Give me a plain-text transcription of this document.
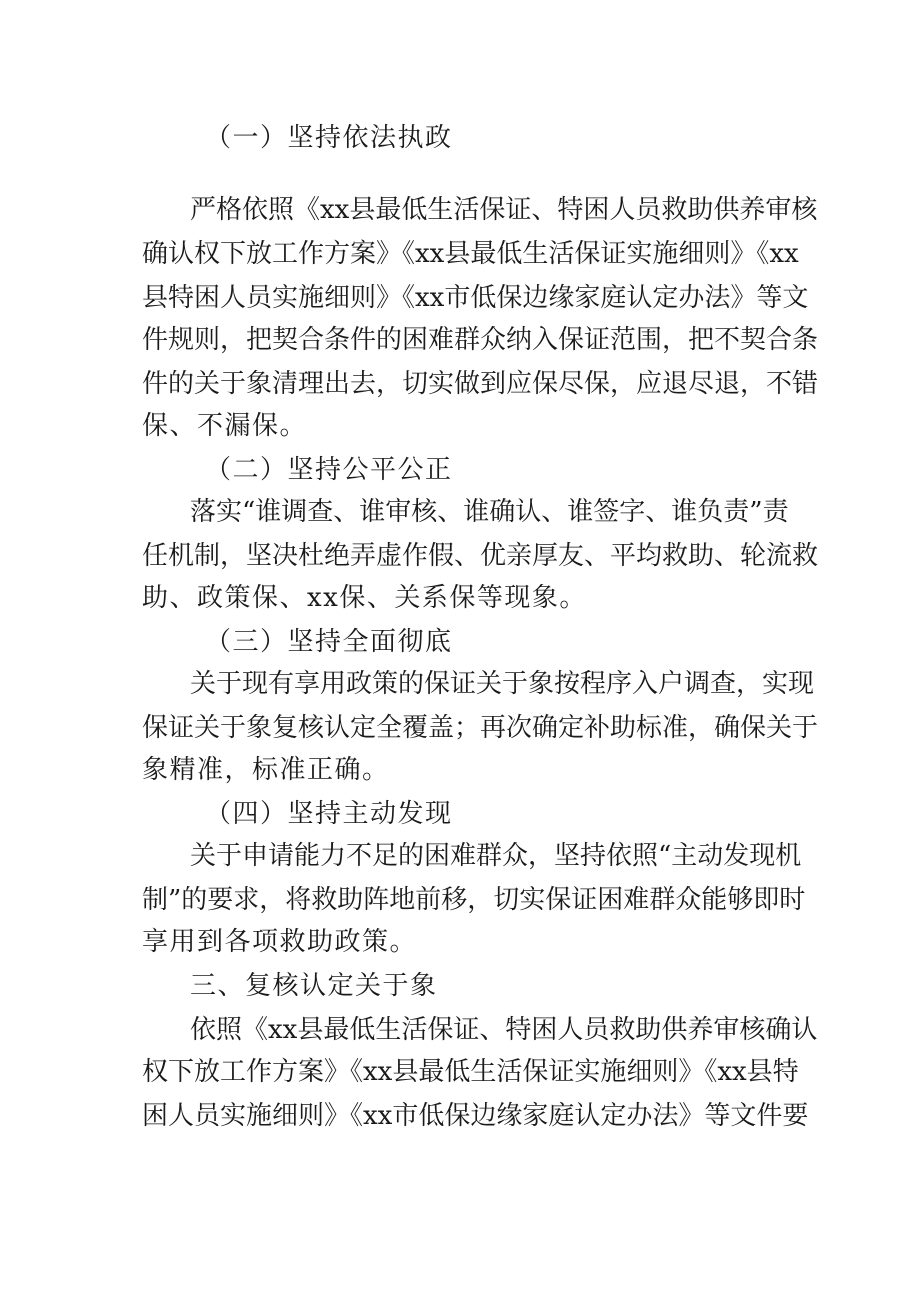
（一）坚持依法执政
严格依照《xx县最低生活保证、特困人员救助供养审核
确认权下放工作方案》《xx县最低生活保证实施细则》《xx
县特困人员实施细则》《xx市低保边缘家庭认定办法》等文
件规则，把契合条件的困难群众纳入保证范围，把不契合条
件的关于象清理出去，切实做到应保尽保，应退尽退，不错
保、不漏保。
（二）坚持公平公正
落实“谁调查、谁审核、谁确认、谁签字、谁负责”责
任机制，坚决杜绝弄虚作假、优亲厚友、平均救助、轮流救
助、政策保、xx保、关系保等现象。
（三）坚持全面彻底
关于现有享用政策的保证关于象按程序入户调查，实现
保证关于象复核认定全覆盖；再次确定补助标准，确保关于
象精准，标准正确。
（四）坚持主动发现
关于申请能力不足的困难群众，坚持依照“主动发现机
制”的要求，将救助阵地前移，切实保证困难群众能够即时
享用到各项救助政策。
三、复核认定关于象
依照《xx县最低生活保证、特困人员救助供养审核确认
权下放工作方案》《xx县最低生活保证实施细则》《xx县特
困人员实施细则》《xx市低保边缘家庭认定办法》等文件要
